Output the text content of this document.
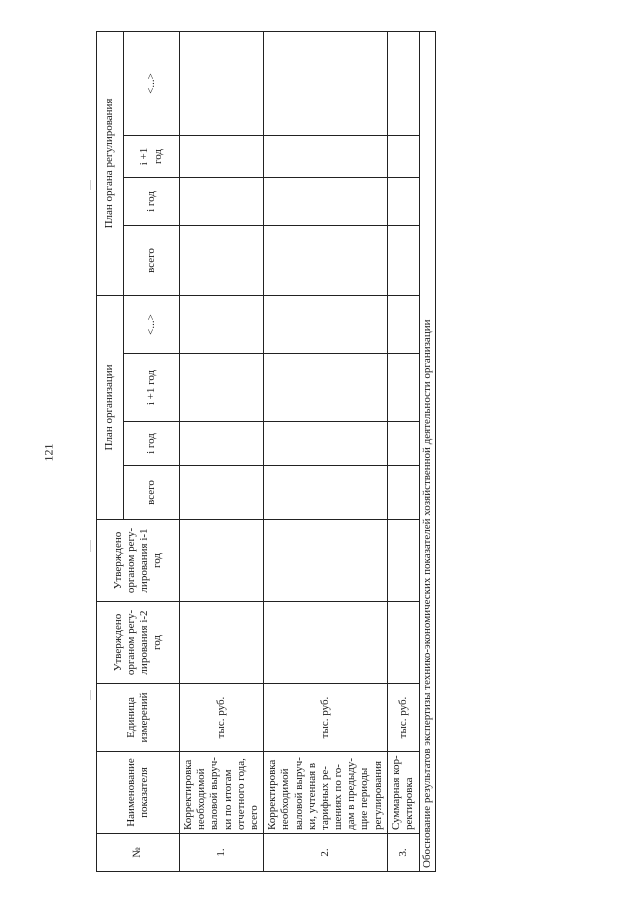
121
№	Наименование показателя	Единица измерений	Утверждено органом регу-лирования i-2 год	Утверждено органом регу-лирования i-1 год	План организации				План органа регулирования			
					всего	i год	i +1 год	<...>	всего	i год	i +1 год	<...>
1.	Корректировка необходимой валовой выруч-ки по итогам отчетного года, всего	тыс. руб.										
2.	Корректировка необходимой валовой выруч-ки, учтенная в тарифных ре-шениях по го-дам в предыду-щие периоды регулирования	тыс. руб.										
3.	Суммарная кор-ректировка	тыс. руб.										
Обоснование результатов экспертизы технико-экономических показателей хозяйственной деятельности организации												
